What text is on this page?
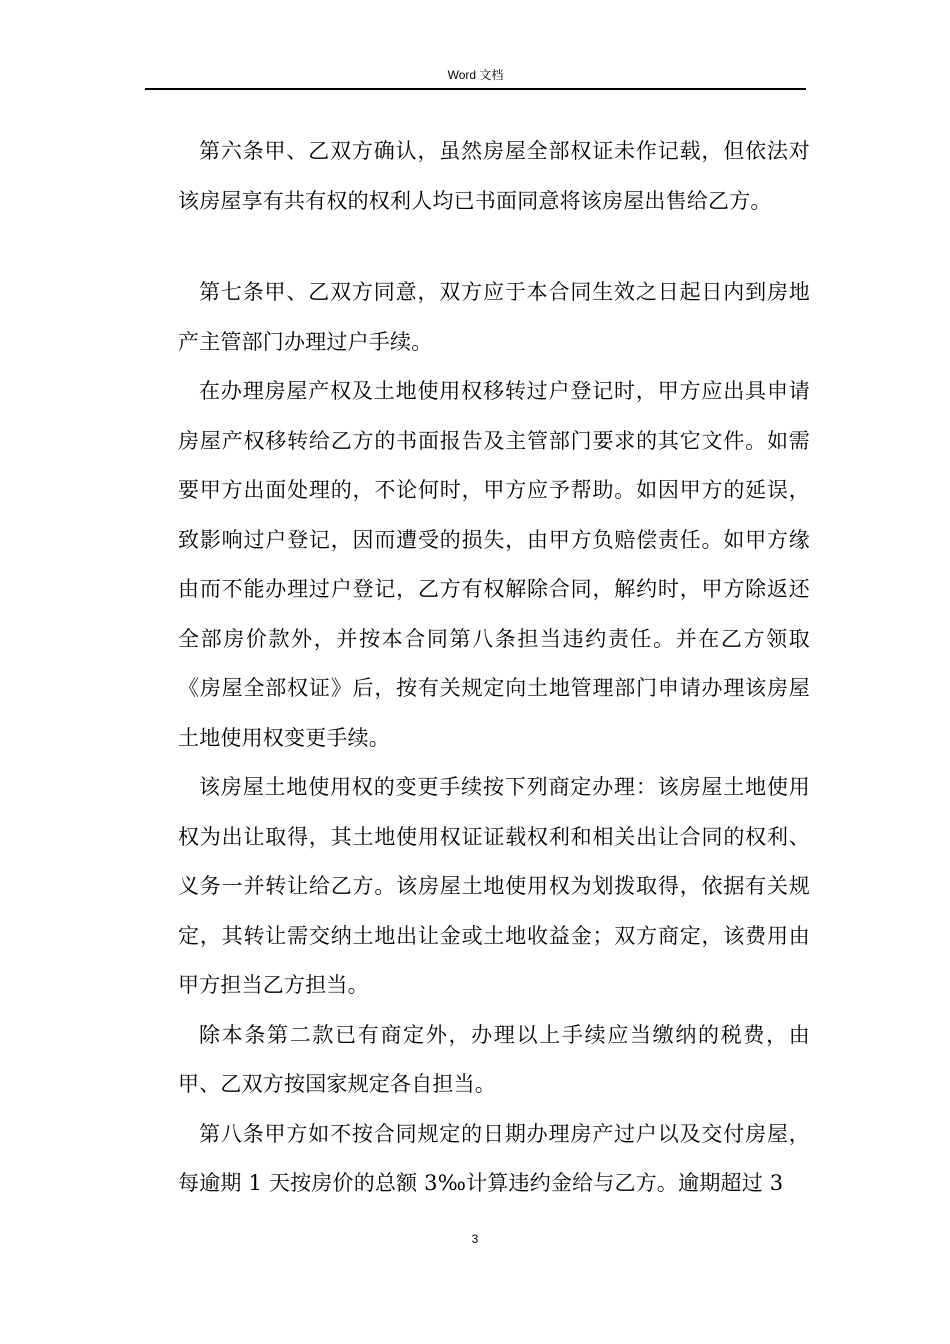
Word 文档

第六条甲、乙双方确认，虽然房屋全部权证未作记载，但依法对该房屋享有共有权的权利人均已书面同意将该房屋出售给乙方。

第七条甲、乙双方同意，双方应于本合同生效之日起日内到房地产主管部门办理过户手续。

在办理房屋产权及土地使用权移转过户登记时，甲方应出具申请房屋产权移转给乙方的书面报告及主管部门要求的其它文件。如需要甲方出面处理的，不论何时，甲方应予帮助。如因甲方的延误，致影响过户登记，因而遭受的损失，由甲方负赔偿责任。如甲方缘由而不能办理过户登记，乙方有权解除合同，解约时，甲方除返还全部房价款外，并按本合同第八条担当违约责任。并在乙方领取《房屋全部权证》后，按有关规定向土地管理部门申请办理该房屋土地使用权变更手续。

该房屋土地使用权的变更手续按下列商定办理：该房屋土地使用权为出让取得，其土地使用权证证载权利和相关出让合同的权利、义务一并转让给乙方。该房屋土地使用权为划拨取得，依据有关规定，其转让需交纳土地出让金或土地收益金；双方商定，该费用由甲方担当乙方担当。

除本条第二款已有商定外，办理以上手续应当缴纳的税费，由甲、乙双方按国家规定各自担当。

第八条甲方如不按合同规定的日期办理房产过户以及交付房屋，每逾期 1 天按房价的总额 3‰计算违约金给与乙方。逾期超过 3

3
